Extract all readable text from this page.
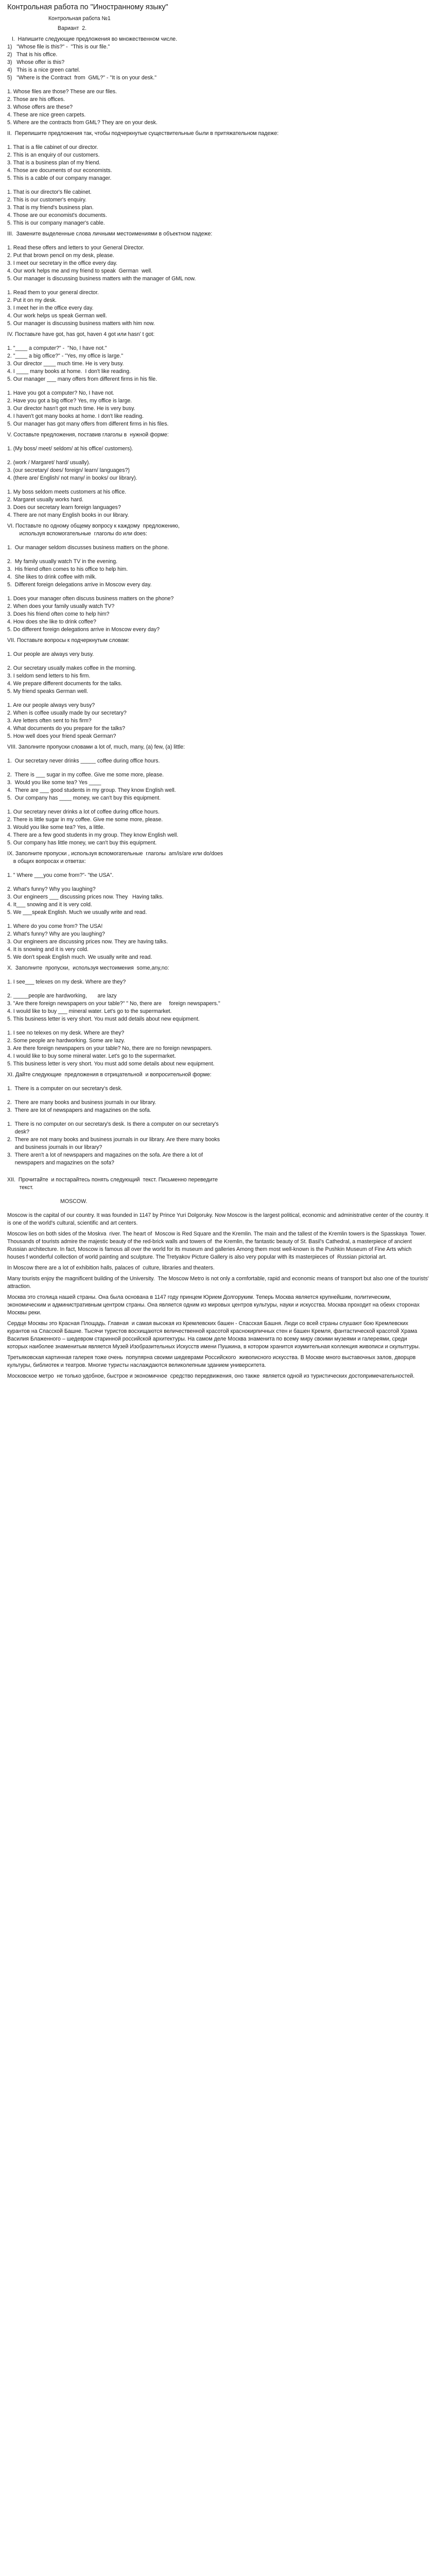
Контрольная работа по "Иностранному языку"
Контрольная работа №1
Вариант  2.

I.  Напишите следующие предложения во множественном числе.

1)   "Whose file is this?" -  "This is our file."

2)   That is his office.

3)   Whose offer is this?

4)   This is a nice green cartel.

5)   "Where is the Contract  from  GML?" - "It is on your desk."

1. Whose files are those? These are our files.

2. Those are his offices.

3. Whose offers are these?

4. These are nice green carpets.

5. Where are the contracts from GML? They are on your desk.

II.  Перепишите предложения так, чтобы подчеркнутые существительные были в притяжательном падеже:

1. That is a file cabinet of our director.

2. This is an enquiry of our customers.

3. That is a business plan of my friend.

4. Those are documents of our economists.

5. This is a cable of our company manager.

1. That is our director's file cabinet.

2. This is our customer's enquiry.

3. That is my friend's business plan.

4. Those are our economist's documents.

5. This is our company manager's cable.

III.  Замените выделенные слова личными местоимениями в объектном падеже:

1. Read these offers and letters to your General Director.

2. Put that brown pencil on my desk, please.

3. I meet our secretary in the office every day.

4. Our work helps me and my friend to speak  German  well.

5. Our manager is discussing business matters with the manager of GML now.

1. Read them to your general director.

2. Put it on my desk.

3. I meet her in the office every day.

4. Our work helps us speak German well.

5. Our manager is discussing business matters with him now.

IV. Поставьте have got, has got, haven 4 got или hasn' t got:

1. "____ a computer?" -  "No, I have not."

2. "____ a big office?" - "Yes, my office is large."

3. Our director ____ much time. He is very busy.

4. I ____ many books at home.  I don't like reading.

5. Our manager ___ many offers from different firms in his file.

1. Have you got a computer? No, I have not.

2. Have you got a big office? Yes, my office is large.

3. Our director hasn't got much time. He is very busy.

4. I haven't got many books at home. I don't like reading.

5. Our manager has got many offers from different firms in his files.

V. Составьте предложения, поставив глаголы в  нужной форме:

1. (My boss/ meet/ seldom/ at his office/ customers).

2. (work / Margaret/ hard/ usually).

3. (our secretary/ does/ foreign/ learn/ languages?)

4. (there are/ English/ not many/ in books/ our library).

1. My boss seldom meets customers at his office.

2. Margaret usually works hard.

3. Does our secretary learn foreign languages?

4. There are not many English books in our library.

VI. Поставьте по одному общему вопросу к каждому  предложению,

используя вспомогательные  глаголы do или does:

1.  Our manager seldom discusses business matters on the phone.

2.  My family usually watch TV in the evening.

3.  His friend often comes to his office to help him.

4.  She likes to drink coffee with milk.

5.  Different foreign delegations arrive in Moscow every day.

1. Does your manager often discuss business matters on the phone?

2. When does your family usually watch TV?

3. Does his friend often come to help him?

4. How does she like to drink coffee?

5. Do different foreign delegations arrive in Moscow every day?

VII. Поставьте вопросы к подчеркнутым словам:

1. Our people are always very busy.

2. Our secretary usually makes coffee in the morning.

3. I seldom send letters to his firm.

4. We prepare different documents for the talks.

5. My friend speaks German well.

1. Are our people always very busy?

2. When is coffee usually made by our secretary?

3. Are letters often sent to his firm?

4. What documents do you prepare for the talks?

5. How well does your friend speak German?

VIII. Заполните пропуски словами a lot of, much, many, (a) few, (a) little:

1.  Our secretary never drinks _____ coffee during office hours.

2.  There is ___ sugar in my coffee. Give me some more, please.

3.  Would you like some tea? Yes ____

4.  There are ___ good students in my group. They know English well.

5.  Our company has ____ money, we can't buy this equipment.

1. Our secretary never drinks a lot of coffee during office hours.

2. There is little sugar in my coffee. Give me some more, please.

3. Would you like some tea? Yes, a little.

4. There are a few good students in my group. They know English well.

5. Our company has little money, we can't buy this equipment.

IX. Заполните пропуски , используя вспомогательные  глаголы  am/is/are или do/does

в общих вопросах и ответах:

1. " Where ___you come from?"- "the USA".

2. What's funny? Why you laughing?

3. Our engineers ___ discussing prices now. They   Having talks.

4. It___ snowing and it is very cold.

5. We ___speak English. Much we usually write and read.

1. Where do you come from? The USA!

2. What's funny? Why are you laughing?

3. Our engineers are discussing prices now. They are having talks.

4. It is snowing and it is very cold.

5. We don't speak English much. We usually write and read.

X.  Заполните  пропуски,  используя местоимения  some,any,no:

1. I see___ telexes on my desk. Where are they?

2. _____people are hardworking,       are lazy

3. "Are there foreign newspapers on your table?" " No, there are     foreign newspapers."

4. I would like to buy ___ mineral water. Let's go to the supermarket.

5. This business letter is very short. You must add details about new equipment.

1. I see no telexes on my desk. Where are they?

2. Some people are hardworking. Some are lazy.

3. Are there foreign newspapers on your table? No, there are no foreign newspapers.

4. I would like to buy some mineral water. Let's go to the supermarket.

5. This business letter is very short. You must add some details about new equipment.

XI. Дайте следующие  предложения в отрицательной  и вопросительной форме:

1.  There is a computer on our secretary's desk.

2.  There are many books and business journals in our library.

3.  There are lot of newspapers and magazines on the sofa.

1.  There is no computer on our secretary's desk. Is there a computer on our secretary's

desk?

2.  There are not many books and business journals in our library. Are there many books

and business journals in our library?

3.  There aren't a lot of newspapers and magazines on the sofa. Are there a lot of

newspapers and magazines on the sofa?

XII.  Прочитайте  и постарайтесь понять следующий  текст. Письменно переведите

текст.

MOSCOW.

Moscow is the capital of our country. It was founded in 1147 by Prince Yuri Dolgoruky. Now Moscow is the largest political, economic and administrative center of the country. It is one of the world's cultural, scientific and art centers.

Moscow lies on both sides of the Moskva  river. The heart of  Moscow is Red Square and the Kremlin. The main and the tallest of the Kremlin towers is the Spasskaya  Tower. Thousands of tourists admire the majestic beauty of the red-brick walls and towers of  the Kremlin, the fantastic beauty of St. Basil's Cathedral, a masterpiece of ancient Russian architecture. In fact, Moscow is famous all over the world for its museum and galleries Among them most well-known is the Pushkin Museum of Fine Arts which houses f wonderful collection of world painting and sculpture. The Tretyakov Picture Gallery is also very popular with its masterpieces of  Russian pictorial art.

In Moscow there are a lot of exhibition halls, palaces of  culture, libraries and theaters.

Many tourists enjoy the magnificent building of the University.  The Moscow Metro is not only a comfortable, rapid and economic means of transport but also one of the tourists' attraction.

Москва это столица нашей страны. Она была основана в 1147 году принцем Юрием Долгоруким. Теперь Москва является крупнейшим, политическим, экономическим и административным центром страны. Она является одним из мировых центров культуры, науки и искусства. Москва проходит на обеих сторонах Москвы реки.

Сердце Москвы это Красная Площадь. Главная  и самая высокая из Кремлевских башен - Спасская Башня. Люди со всей страны слушают бою Кремлевских  курантов на Спасской Башне. Тысячи туристов восхищаются величественной красотой краснокирпичных стен и башен Кремля, фантастической красотой Храма Василия Блаженного – шедевром старинной российской архитектуры. На самом деле Москва знаменита по всему миру своими музеями и галереями, среди которых наиболее знаменитым является Музей Изобразительных Искусств имени Пушкина, в котором хранится изумительная коллекция живописи и скульптуры.

Третьяковская картинная галерея тоже очень  популярна своими шедеврами Российского  живописного искусства. В Москве много выставочных залов, дворцов  культуры, библиотек и театров. Многие туристы наслаждаются великолепным зданием университета.

Московское метро  не только удобное, быстрое и экономичное  средство передвижения, оно также  является одной из туристических достопримечательностей.
